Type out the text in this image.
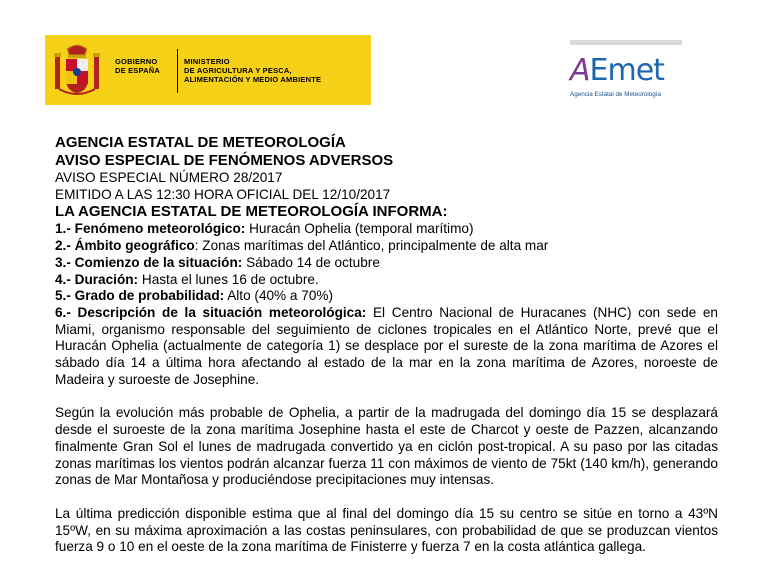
GOBIERNO
DE ESPAÑA
MINISTERIO
DE AGRICULTURA Y PESCA,
ALIMENTACIÓN Y MEDIO AMBIENTE	AEmet
Agencia Estatal de Meteorología

AGENCIA ESTATAL DE METEOROLOGÍA

AVISO ESPECIAL DE FENÓMENOS ADVERSOS

AVISO ESPECIAL NÚMERO 28/2017

EMITIDO A LAS 12:30 HORA OFICIAL DEL 12/10/2017

LA AGENCIA ESTATAL DE METEOROLOGÍA INFORMA:

1.- Fenómeno meteorológico: Huracán Ophelia (temporal marítimo)

2.- Ámbito geográfico: Zonas marítimas del Atlántico, principalmente de alta mar

3.- Comienzo de la situación: Sábado 14 de octubre

4.- Duración: Hasta el lunes 16 de octubre.

5.- Grado de probabilidad: Alto (40% a 70%)

6.- Descripción de la situación meteorológica: El Centro Nacional de Huracanes (NHC) con sede en Miami, organismo responsable del seguimiento de ciclones tropicales en el Atlántico Norte, prevé que el Huracán Ophelia (actualmente de categoría 1) se desplace por el sureste de la zona marítima de Azores el sábado día 14 a última hora afectando al estado de la mar en la zona marítima de Azores, noroeste de Madeira y suroeste de Josephine.

Según la evolución más probable de Ophelia, a partir de la madrugada del domingo día 15 se desplazará desde el suroeste de la zona marítima Josephine hasta el este de Charcot y oeste de Pazzen, alcanzando finalmente Gran Sol el lunes de madrugada convertido ya en ciclón post-tropical. A su paso por las citadas zonas marítimas los vientos podrán alcanzar fuerza 11 con máximos de viento de 75kt (140 km/h), generando zonas de Mar Montañosa y produciéndose precipitaciones muy intensas.

La última predicción disponible estima que al final del domingo día 15 su centro se sitúe en torno a 43ºN 15ºW, en su máxima aproximación a las costas peninsulares, con probabilidad de que se produzcan vientos fuerza 9 o 10 en el oeste de la zona marítima de Finisterre y fuerza 7 en la costa atlántica gallega.
